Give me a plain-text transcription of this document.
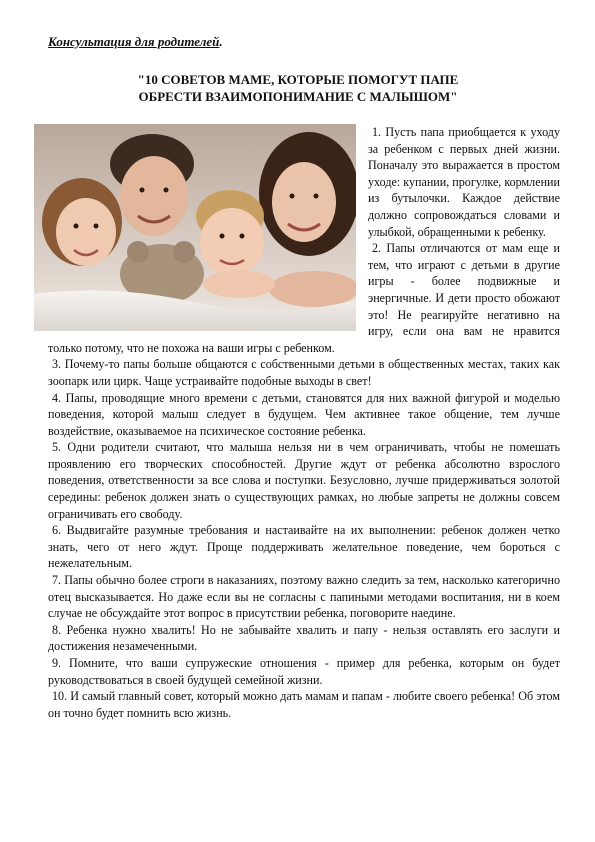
Консультация для родителей.
"10 СОВЕТОВ МАМЕ, КОТОРЫЕ ПОМОГУТ ПАПЕ
ОБРЕСТИ ВЗАИМОПОНИМАНИЕ С МАЛЫШОМ"

1. Пусть папа приобщается к уходу за ребенком с первых дней жизни. Поначалу это выражается в простом уходе: купании, прогулке, кормлении из бутылочки. Каждое действие должно сопровождаться словами и улыбкой, обращенными к ребенку.

2. Папы отличаются от мам еще и тем, что играют с детьми в другие игры - более подвижные и энергичные. И дети просто обожают это! Не реагируйте негативно на игру, если она вам не нравится только потому, что не похожа на ваши игры с ребенком.

3. Почему-то папы больше общаются с собственными детьми в общественных местах, таких как зоопарк или цирк. Чаще устраивайте подобные выходы в свет!

4. Папы, проводящие много времени с детьми, становятся для них важной фигурой и моделью поведения, которой малыш следует в будущем. Чем активнее такое общение, тем лучше воздействие, оказываемое на психическое состояние ребенка.

5. Одни родители считают, что малыша нельзя ни в чем ограничивать, чтобы не помешать проявлению его творческих способностей. Другие ждут от ребенка абсолютно взрослого поведения, ответственности за все слова и поступки. Безусловно, лучше придерживаться золотой середины: ребенок должен знать о существующих рамках, но любые запреты не должны совсем ограничивать его свободу.

6. Выдвигайте разумные требования и настаивайте на их выполнении: ребенок должен четко знать, чего от него ждут. Проще поддерживать желательное поведение, чем бороться с нежелательным.

7. Папы обычно более строги в наказаниях, поэтому важно следить за тем, насколько категорично отец высказывается. Но даже если вы не согласны с папиными методами воспитания, ни в коем случае не обсуждайте этот вопрос в присутствии ребенка, поговорите наедине.

8. Ребенка нужно хвалить! Но не забывайте хвалить и папу - нельзя оставлять его заслуги и достижения незамеченными.

9. Помните, что ваши супружеские отношения - пример для ребенка, которым он будет руководствоваться в своей будущей семейной жизни.

10. И самый главный совет, который можно дать мамам и папам - любите своего ребенка! Об этом он точно будет помнить всю жизнь.
